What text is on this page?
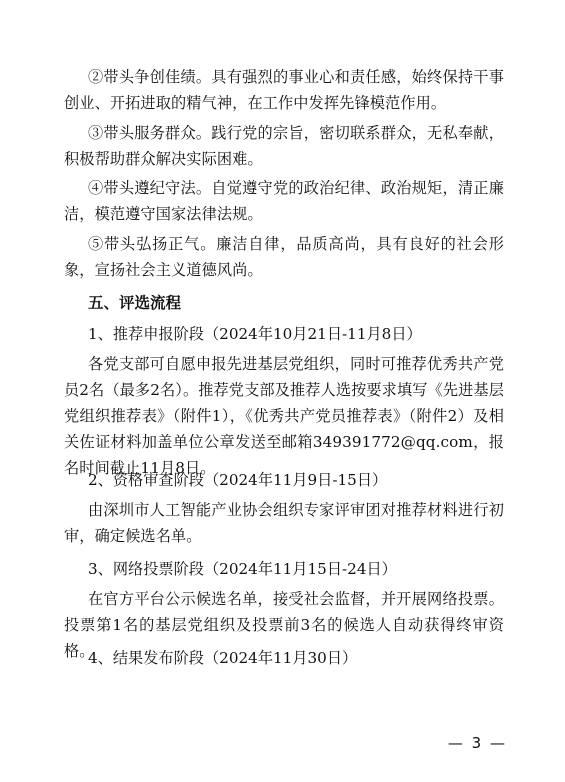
②带头争创佳绩。具有强烈的事业心和责任感，始终保持干事创业、开拓进取的精气神，在工作中发挥先锋模范作用。

③带头服务群众。践行党的宗旨，密切联系群众，无私奉献，积极帮助群众解决实际困难。

④带头遵纪守法。自觉遵守党的政治纪律、政治规矩，清正廉洁，模范遵守国家法律法规。

⑤带头弘扬正气。廉洁自律，品质高尚，具有良好的社会形象，宣扬社会主义道德风尚。

五、评选流程

1、推荐申报阶段（2024年10月21日-11月8日）

各党支部可自愿申报先进基层党组织，同时可推荐优秀共产党员2名（最多2名）。推荐党支部及推荐人选按要求填写《先进基层党组织推荐表》（附件1），《优秀共产党员推荐表》（附件2）及相关佐证材料加盖单位公章发送至邮箱349391772@qq.com，报名时间截止11月8日。

2、资格审查阶段（2024年11月9日-15日）

由深圳市人工智能产业协会组织专家评审团对推荐材料进行初审，确定候选名单。

3、网络投票阶段（2024年11月15日-24日）

在官方平台公示候选名单，接受社会监督，并开展网络投票。投票第1名的基层党组织及投票前3名的候选人自动获得终审资格。

4、结果发布阶段（2024年11月30日）

— 3 —
